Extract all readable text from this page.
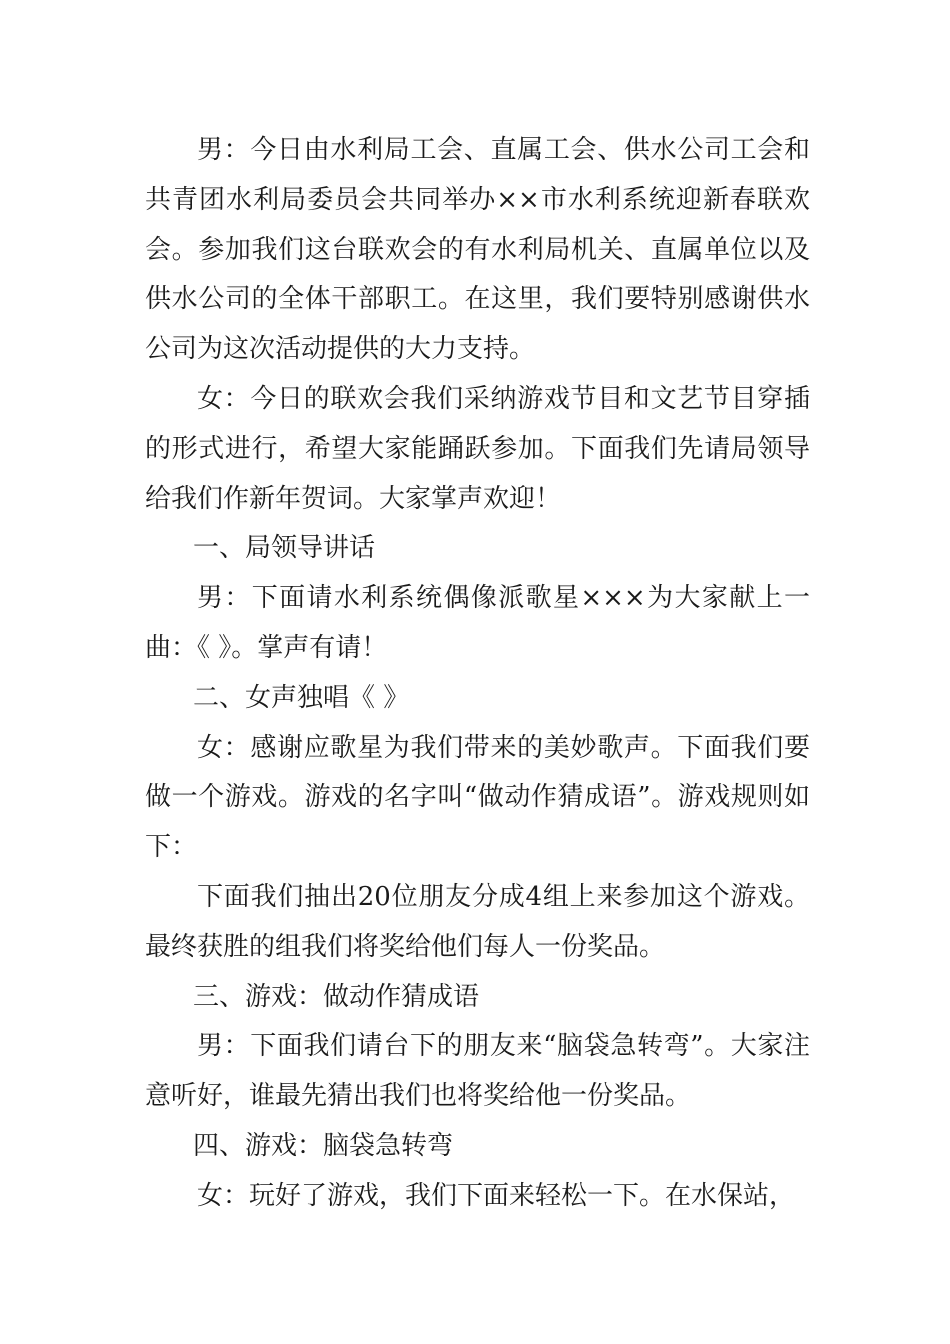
男：今日由水利局工会、直属工会、供水公司工会和共青团水利局委员会共同举办××市水利系统迎新春联欢会。参加我们这台联欢会的有水利局机关、直属单位以及供水公司的全体干部职工。在这里，我们要特别感谢供水公司为这次活动提供的大力支持。

女：今日的联欢会我们采纳游戏节目和文艺节目穿插的形式进行，希望大家能踊跃参加。下面我们先请局领导给我们作新年贺词。大家掌声欢迎！

一、局领导讲话

男：下面请水利系统偶像派歌星×××为大家献上一曲：《 》。掌声有请！

二、女声独唱《 》

女：感谢应歌星为我们带来的美妙歌声。下面我们要做一个游戏。游戏的名字叫“做动作猜成语”。游戏规则如下：

下面我们抽出20位朋友分成4组上来参加这个游戏。最终获胜的组我们将奖给他们每人一份奖品。

三、游戏：做动作猜成语

男：下面我们请台下的朋友来“脑袋急转弯”。大家注意听好，谁最先猜出我们也将奖给他一份奖品。

四、游戏：脑袋急转弯

女：玩好了游戏，我们下面来轻松一下。在水保站，
